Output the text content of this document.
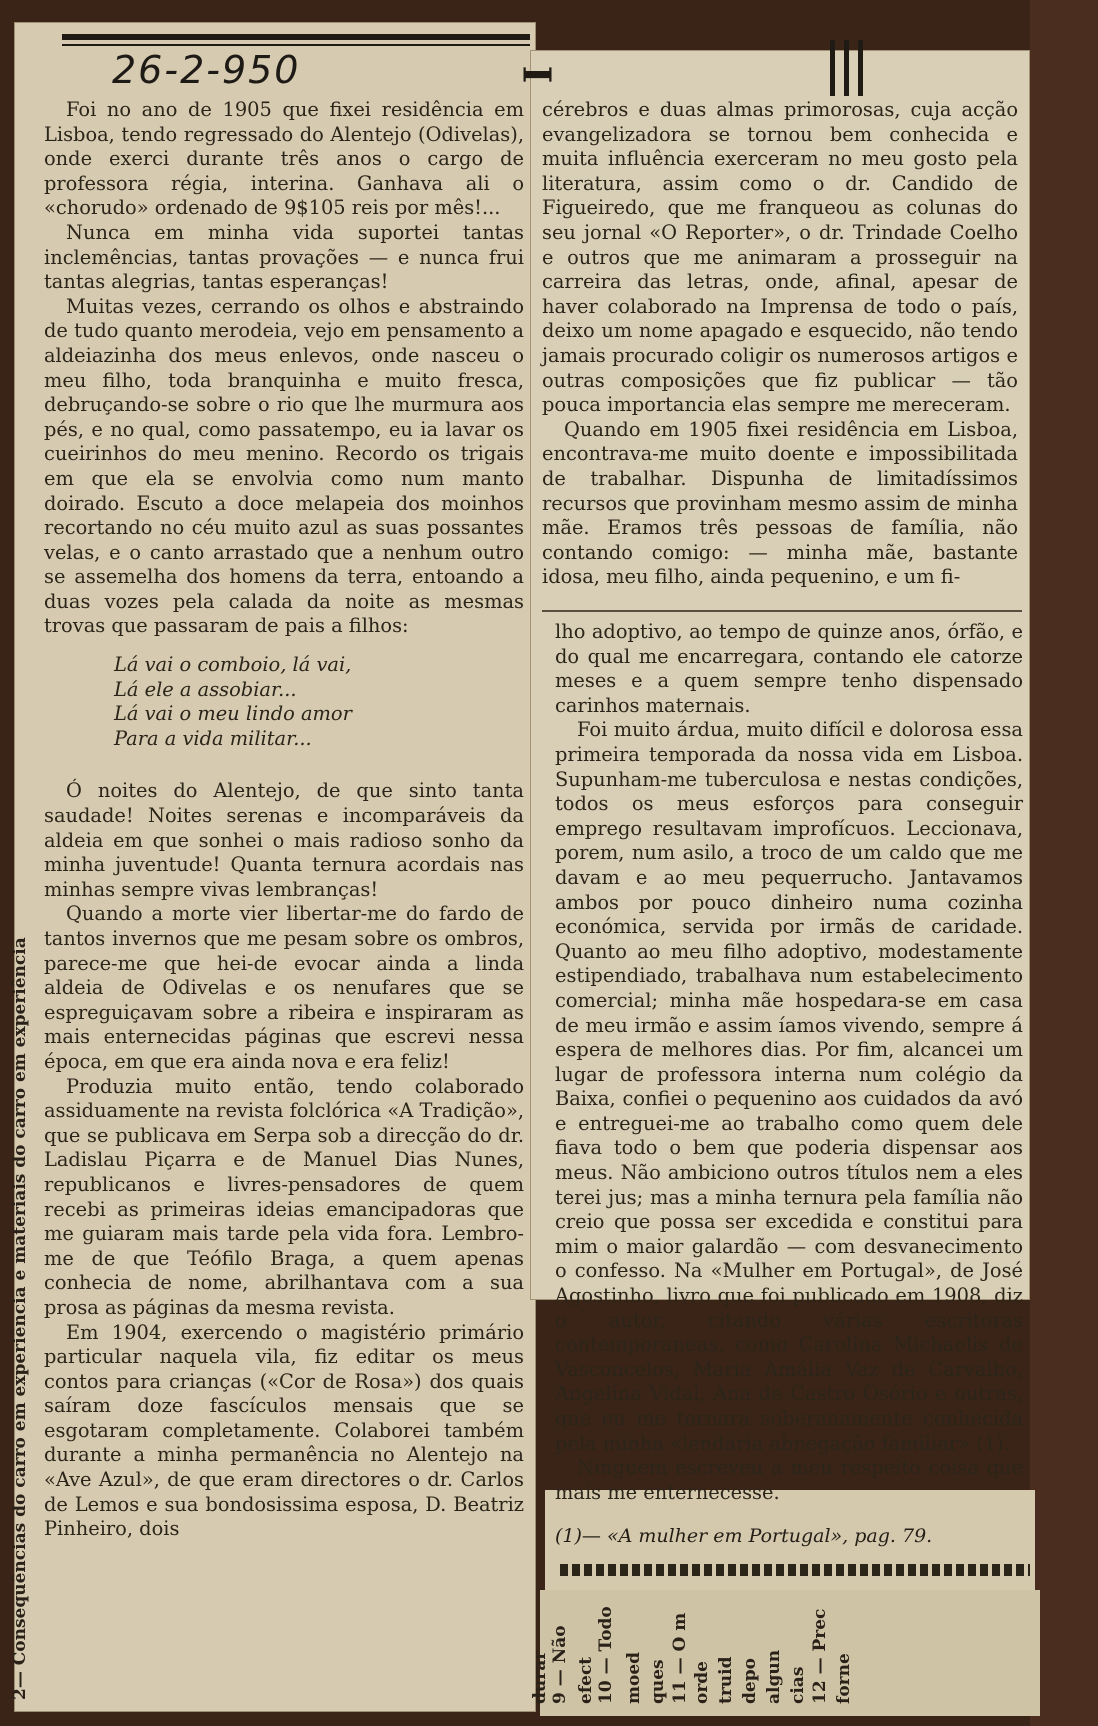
26-2-950	I

Foi no ano de 1905 que fixei residência em Lisboa, tendo regressado do Alentejo (Odivelas), onde exerci durante três anos o cargo de professora régia, interina. Ganhava ali o «chorudo» ordenado de 9$105 reis por mês!...

Nunca em minha vida suportei tantas inclemências, tantas provações — e nunca frui tantas alegrias, tantas esperanças!

Muitas vezes, cerrando os olhos e abstraindo de tudo quanto merodeia, vejo em pensamento a aldeiazinha dos meus enlevos, onde nasceu o meu filho, toda branquinha e muito fresca, debruçando-se sobre o rio que lhe murmura aos pés, e no qual, como passatempo, eu ia lavar os cueirinhos do meu menino. Recordo os trigais em que ela se envolvia como num manto doirado. Escuto a doce melapeia dos moinhos recortando no céu muito azul as suas possantes velas, e o canto arrastado que a nenhum outro se assemelha dos homens da terra, entoando a duas vozes pela calada da noite as mesmas trovas que passaram de pais a filhos:

Lá vai o comboio, lá vai,
Lá ele a assobiar...
Lá vai o meu lindo amor
Para a vida militar...

Ó noites do Alentejo, de que sinto tanta saudade! Noites serenas e incomparáveis da aldeia em que sonhei o mais radioso sonho da minha juventude! Quanta ternura acordais nas minhas sempre vivas lembranças!

Quando a morte vier libertar-me do fardo de tantos invernos que me pesam sobre os ombros, parece-me que hei-de evocar ainda a linda aldeia de Odivelas e os nenufares que se espreguiçavam sobre a ribeira e inspiraram as mais enternecidas páginas que escrevi nessa época, em que era ainda nova e era feliz!

Produzia muito então, tendo colaborado assiduamente na revista folclórica «A Tradição», que se publicava em Serpa sob a direcção do dr. Ladislau Piçarra e de Manuel Dias Nunes, republicanos e livres-pensadores de quem recebi as primeiras ideias emancipadoras que me guiaram mais tarde pela vida fora. Lembro-me de que Teófilo Braga, a quem apenas conhecia de nome, abrilhantava com a sua prosa as páginas da mesma revista.

Em 1904, exercendo o magistério primário particular naquela vila, fiz editar os meus contos para crianças («Cor de Rosa») dos quais saíram doze fascículos mensais que se esgotaram completamente. Colaborei também durante a minha permanência no Alentejo na «Ave Azul», de que eram directores o dr. Carlos de Lemos e sua bondosissima esposa, D. Beatriz Pinheiro, dois

cérebros e duas almas primorosas, cuja acção evangelizadora se tornou bem conhecida e muita influência exerceram no meu gosto pela literatura, assim como o dr. Candido de Figueiredo, que me franqueou as colunas do seu jornal «O Reporter», o dr. Trindade Coelho e outros que me animaram a prosseguir na carreira das letras, onde, afinal, apesar de haver colaborado na Imprensa de todo o país, deixo um nome apagado e esquecido, não tendo jamais procurado coligir os numerosos artigos e outras composições que fiz publicar — tão pouca importancia elas sempre me mereceram.

Quando em 1905 fixei residência em Lisboa, encontrava-me muito doente e impossibilitada de trabalhar. Dispunha de limitadíssimos recursos que provinham mesmo assim de minha mãe. Eramos três pessoas de família, não contando comigo: — minha mãe, bastante idosa, meu filho, ainda pequenino, e um fi-

lho adoptivo, ao tempo de quinze anos, órfão, e do qual me encarregara, contando ele catorze meses e a quem sempre tenho dispensado carinhos maternais.

Foi muito árdua, muito difícil e dolorosa essa primeira temporada da nossa vida em Lisboa. Supunham-me tuberculosa e nestas condições, todos os meus esforços para conseguir emprego resultavam improfícuos. Leccionava, porem, num asilo, a troco de um caldo que me davam e ao meu pequerrucho. Jantavamos ambos por pouco dinheiro numa cozinha económica, servida por irmãs de caridade. Quanto ao meu filho adoptivo, modestamente estipendiado, trabalhava num estabelecimento comercial; minha mãe hospedara-se em casa de meu irmão e assim íamos vivendo, sempre á espera de melhores dias. Por fim, alcancei um lugar de professora interna num colégio da Baixa, confiei o pequenino aos cuidados da avó e entreguei-me ao trabalho como quem dele fiava todo o bem que poderia dispensar aos meus. Não ambiciono outros títulos nem a eles terei jus; mas a minha ternura pela família não creio que possa ser excedida e constitui para mim o maior galardão — com desvanecimento o confesso. Na «Mulher em Portugal», de José Agostinho, livro que foi publicado em 1908, diz o autor, citando várias escritoras contemporaneas, como Carolina Michaelis de Vasconcelos, Maria Amália Vaz de Carvalho, Angelina Vidal, Ana de Castro Osório e outras, que eu me tornara soberanamente conhecida pela minha «lendária abnegação familiar» (1).

Ninguem escreveu a meu respeito coisa que mais me enternecesse.

(1)— «A mulher em Portugal», pag. 79.
2— Consequências do carro em experiência e materiais do carro em experiência	9 — Não
durar	10 — Todo
efect moed 11 — O m
ques orde truid depo algun 12 — Prec
cias forne
